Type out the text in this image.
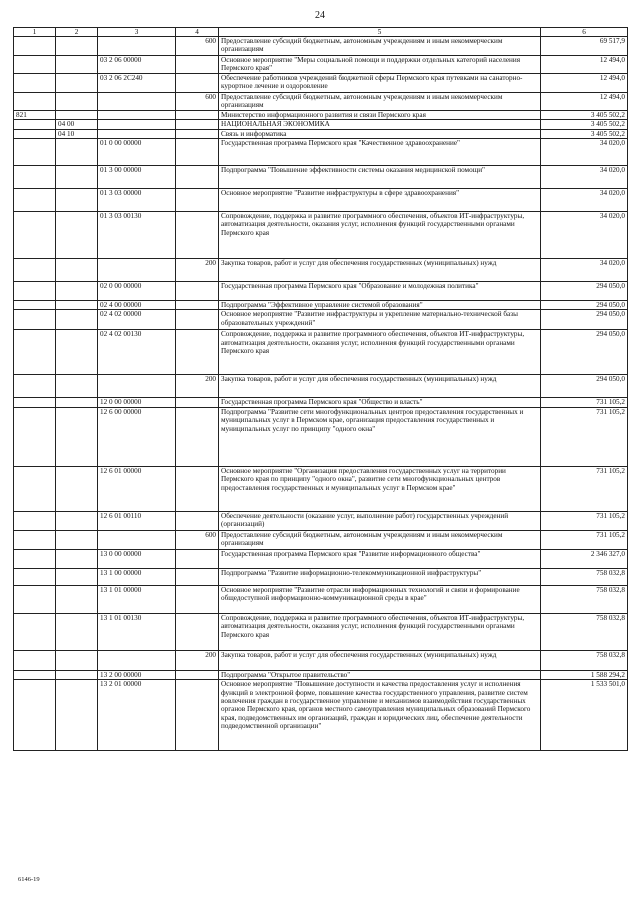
24
1	2	3	4	5	6
			600	Предоставление субсидий бюджетным, автономным учреждениям и иным некоммерческим организациям	69 517,9
		03 2 06 00000		Основное мероприятие "Меры социальной помощи и поддержки отдельных категорий населения Пермского края"	12 494,0
		03 2 06 2С240		Обеспечение работников учреждений бюджетной сферы Пермского края путевками на санаторно-курортное лечение и оздоровление	12 494,0
			600	Предоставление субсидий бюджетным, автономным учреждениям и иным некоммерческим организациям	12 494,0
821				Министерство информационного развития и связи Пермского края	3 405 502,2
	04 00			НАЦИОНАЛЬНАЯ ЭКОНОМИКА	3 405 502,2
	04 10			Связь и информатика	3 405 502,2
		01 0 00 00000		Государственная программа Пермского края "Качественное здравоохранение"	34 020,0
		01 3 00 00000		Подпрограмма "Повышение эффективности системы оказания медицинской помощи"	34 020,0
		01 3 03 00000		Основное мероприятие "Развитие инфраструктуры в сфере здравоохранения"	34 020,0
		01 3 03 00130		Сопровождение, поддержка и развитие программного обеспечения, объектов ИТ-инфраструктуры, автоматизация деятельности, оказания услуг, исполнения функций государственными органами Пермского края	34 020,0
			200	Закупка товаров, работ и услуг для обеспечения государственных (муниципальных) нужд	34 020,0
		02 0 00 00000		Государственная программа Пермского края "Образование и молодежная политика"	294 050,0
		02 4 00 00000		Подпрограмма "Эффективное управление системой образования"	294 050,0
		02 4 02 00000		Основное мероприятие "Развитие инфраструктуры и укрепление материально-технической базы образовательных учреждений"	294 050,0
		02 4 02 00130		Сопровождение, поддержка и развитие программного обеспечения, объектов ИТ-инфраструктуры, автоматизация деятельности, оказания услуг, исполнения функций государственными органами Пермского края	294 050,0
			200	Закупка товаров, работ и услуг для обеспечения государственных (муниципальных) нужд	294 050,0
		12 0 00 00000		Государственная программа Пермского края "Общество и власть"	731 105,2
		12 6 00 00000		Подпрограмма "Развитие сети многофункциональных центров предоставления государственных и муниципальных услуг в Пермском крае, организация предоставления государственных и муниципальных услуг по принципу "одного окна"	731 105,2
		12 6 01 00000		Основное мероприятие "Организация предоставления государственных услуг на территории Пермского края по принципу "одного окна", развитие сети многофункциональных центров предоставления государственных и муниципальных услуг в Пермском крае"	731 105,2
		12 6 01 00110		Обеспечение деятельности (оказание услуг, выполнение работ) государственных учреждений (организаций)	731 105,2
			600	Предоставление субсидий бюджетным, автономным учреждениям и иным некоммерческим организациям	731 105,2
		13 0 00 00000		Государственная программа Пермского края "Развитие информационного общества"	2 346 327,0
		13 1 00 00000		Подпрограмма "Развитие информационно-телекоммуникационной инфраструктуры"	758 032,8
		13 1 01 00000		Основное мероприятие "Развитие отрасли информационных технологий и связи и формирование общедоступной информационно-коммуникационной среды в крае"	758 032,8
		13 1 01 00130		Сопровождение, поддержка и развитие программного обеспечения, объектов ИТ-инфраструктуры, автоматизация деятельности, оказания услуг, исполнения функций государственными органами Пермского края	758 032,8
			200	Закупка товаров, работ и услуг для обеспечения государственных (муниципальных) нужд	758 032,8
		13 2 00 00000		Подпрограмма "Открытое правительство"	1 588 294,2
		13 2 01 00000		Основное мероприятие "Повышение доступности и качества предоставления услуг и исполнения функций в электронной форме, повышение качества государственного управления, развитие систем вовлечения граждан в государственное управление и механизмов взаимодействия государственных органов Пермского края, органов местного самоуправления муниципальных образований Пермского края, подведомственных им организаций, граждан и юридических лиц, обеспечение деятельности подведомственной организации"	1 533 501,0
6146-19
